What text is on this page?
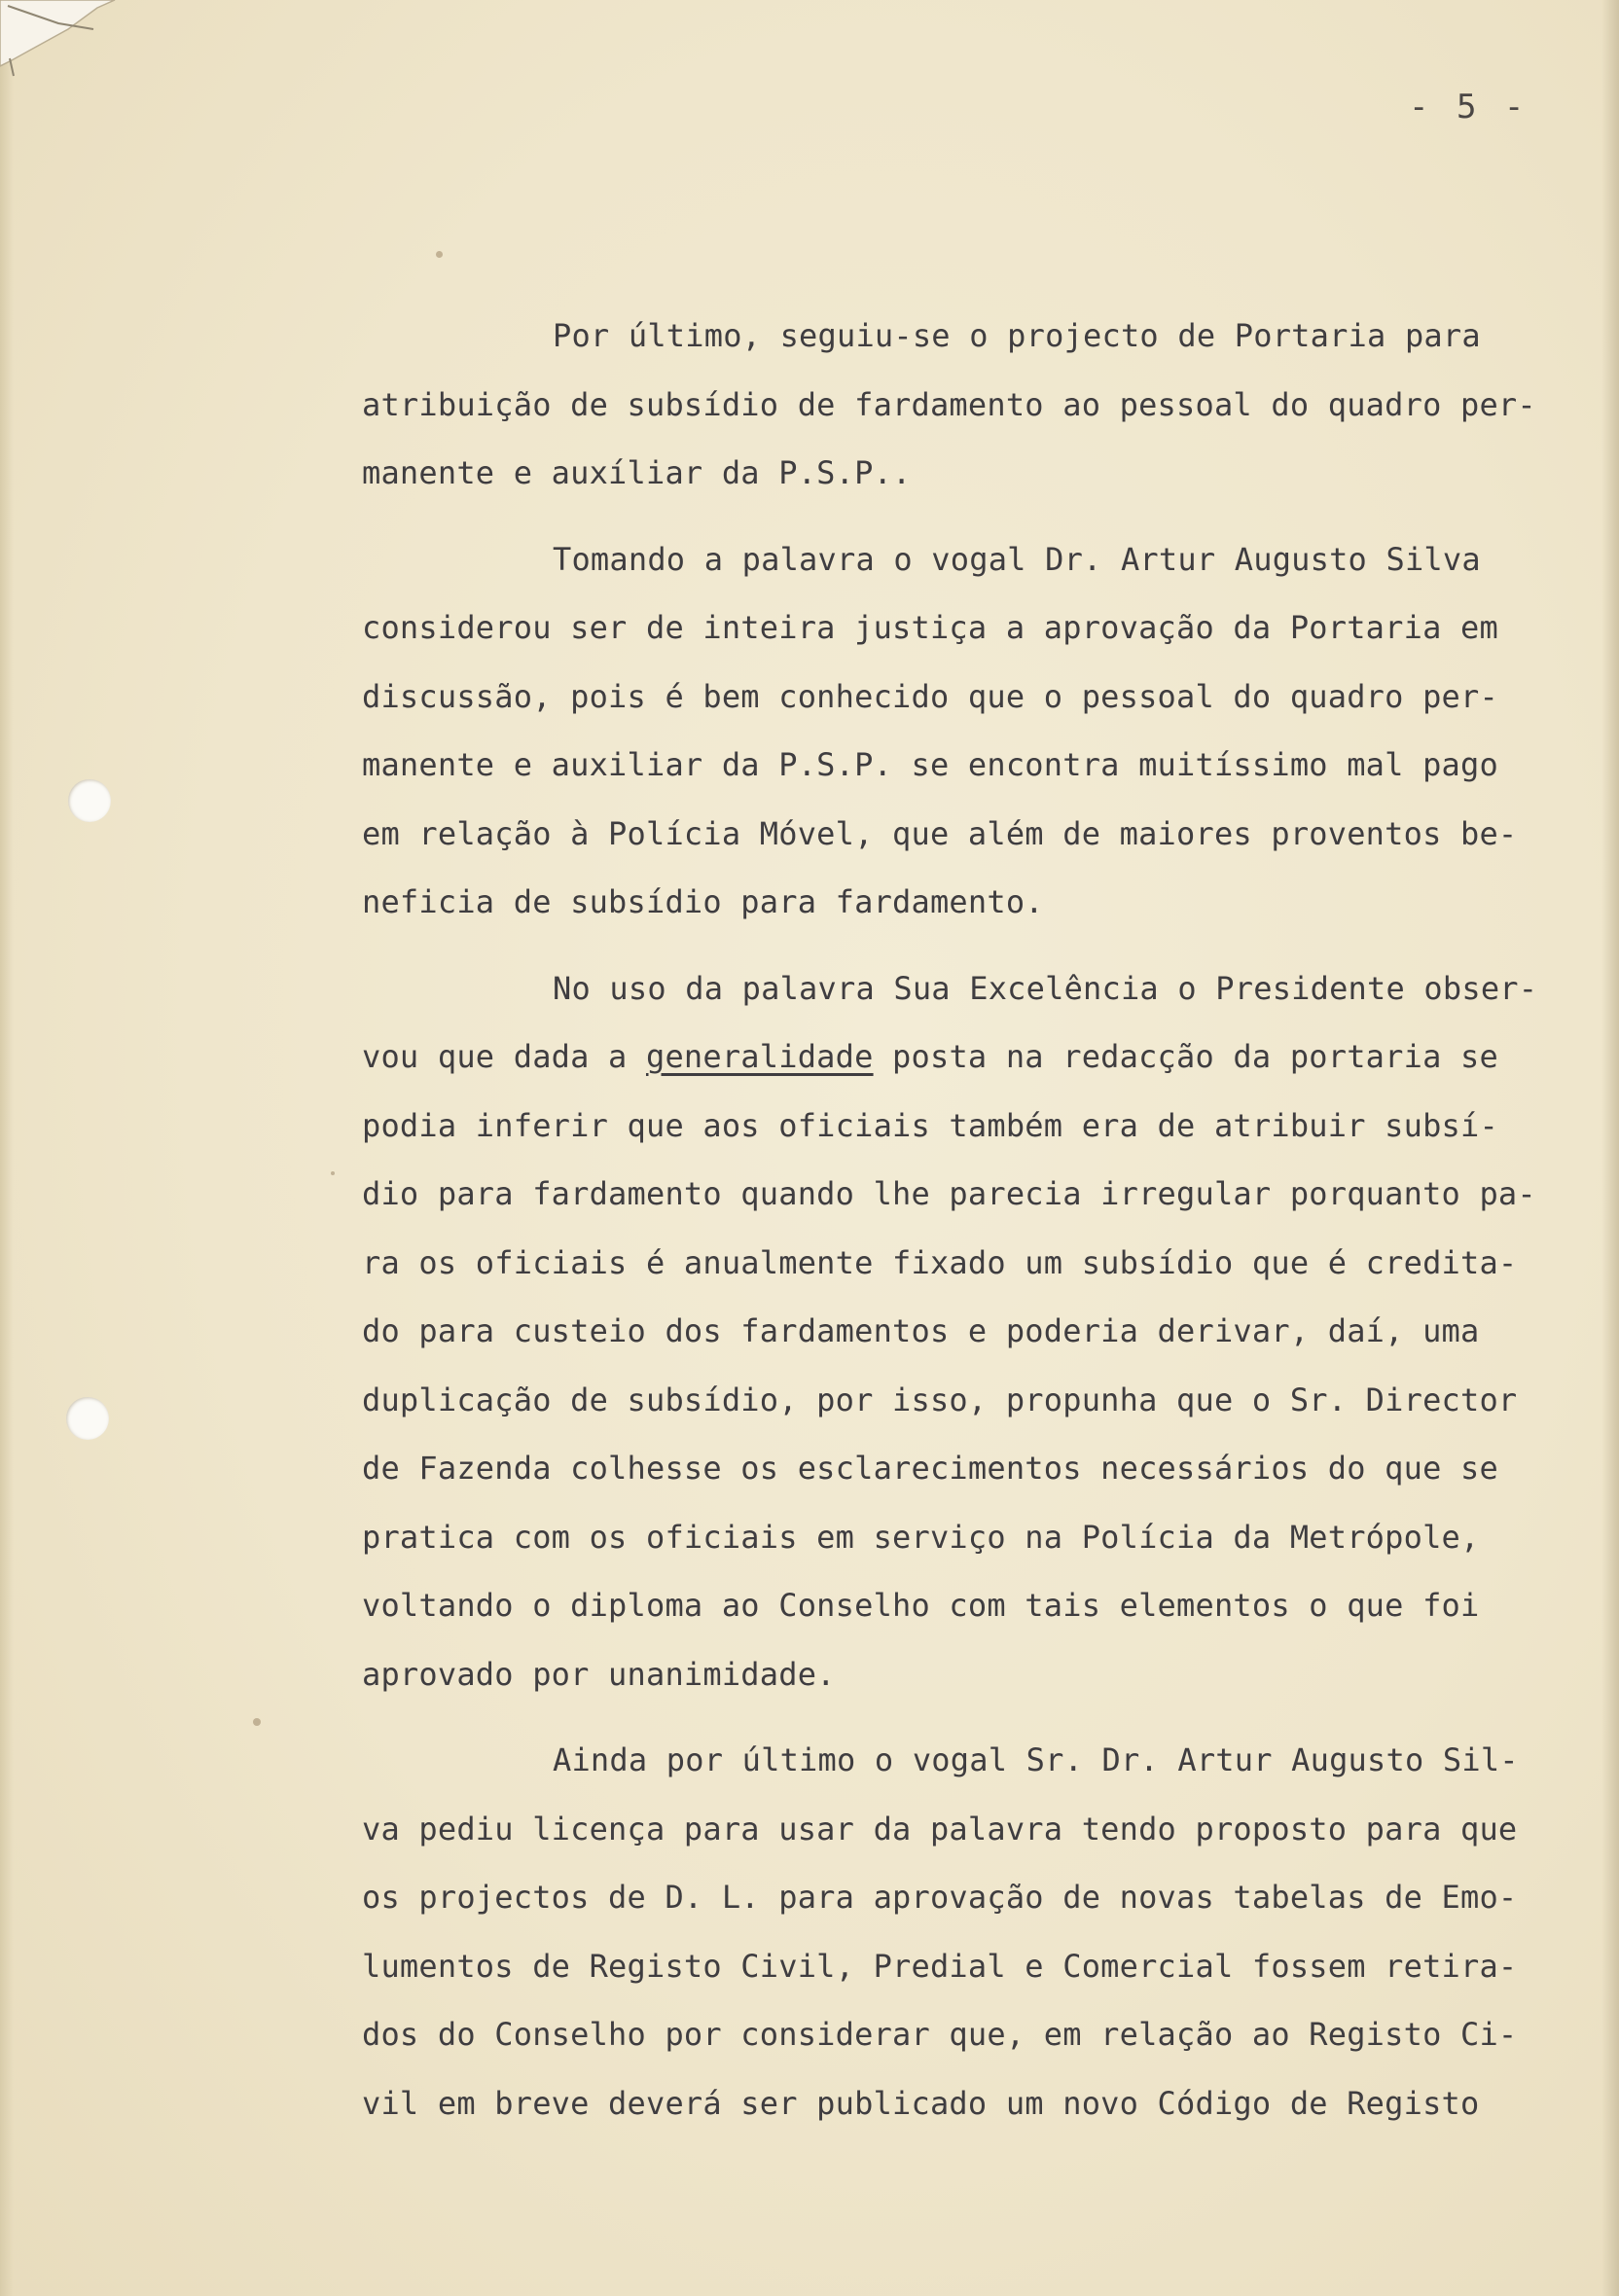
- 5 -
Por último, seguiu-se o projecto de Portaria para
atribuição de subsídio de fardamento ao pessoal do quadro per-
manente e auxíliar da P.S.P..
Tomando a palavra o vogal Dr. Artur Augusto Silva
considerou ser de inteira justiça a aprovação da Portaria em
discussão, pois é bem conhecido que o pessoal do quadro per-
manente e auxiliar da P.S.P. se encontra muitíssimo mal pago
em relação à Polícia Móvel, que além de maiores proventos be-
neficia de subsídio para fardamento.
No uso da palavra Sua Excelência o Presidente obser-
vou que dada a generalidade posta na redacção da portaria se
podia inferir que aos oficiais também era de atribuir subsí-
dio para fardamento quando lhe parecia irregular porquanto pa-
ra os oficiais é anualmente fixado um subsídio que é credita-
do para custeio dos fardamentos e poderia derivar, daí, uma
duplicação de subsídio, por isso, propunha que o Sr. Director
de Fazenda colhesse os esclarecimentos necessários do que se
pratica com os oficiais em serviço na Polícia da Metrópole,
voltando o diploma ao Conselho com tais elementos o que foi
aprovado por unanimidade.
Ainda por último o vogal Sr. Dr. Artur Augusto Sil-
va pediu licença para usar da palavra tendo proposto para que
os projectos de D. L. para aprovação de novas tabelas de Emo-
lumentos de Registo Civil, Predial e Comercial fossem retira-
dos do Conselho por considerar que, em relação ao Registo Ci-
vil em breve deverá ser publicado um novo Código de Registo
